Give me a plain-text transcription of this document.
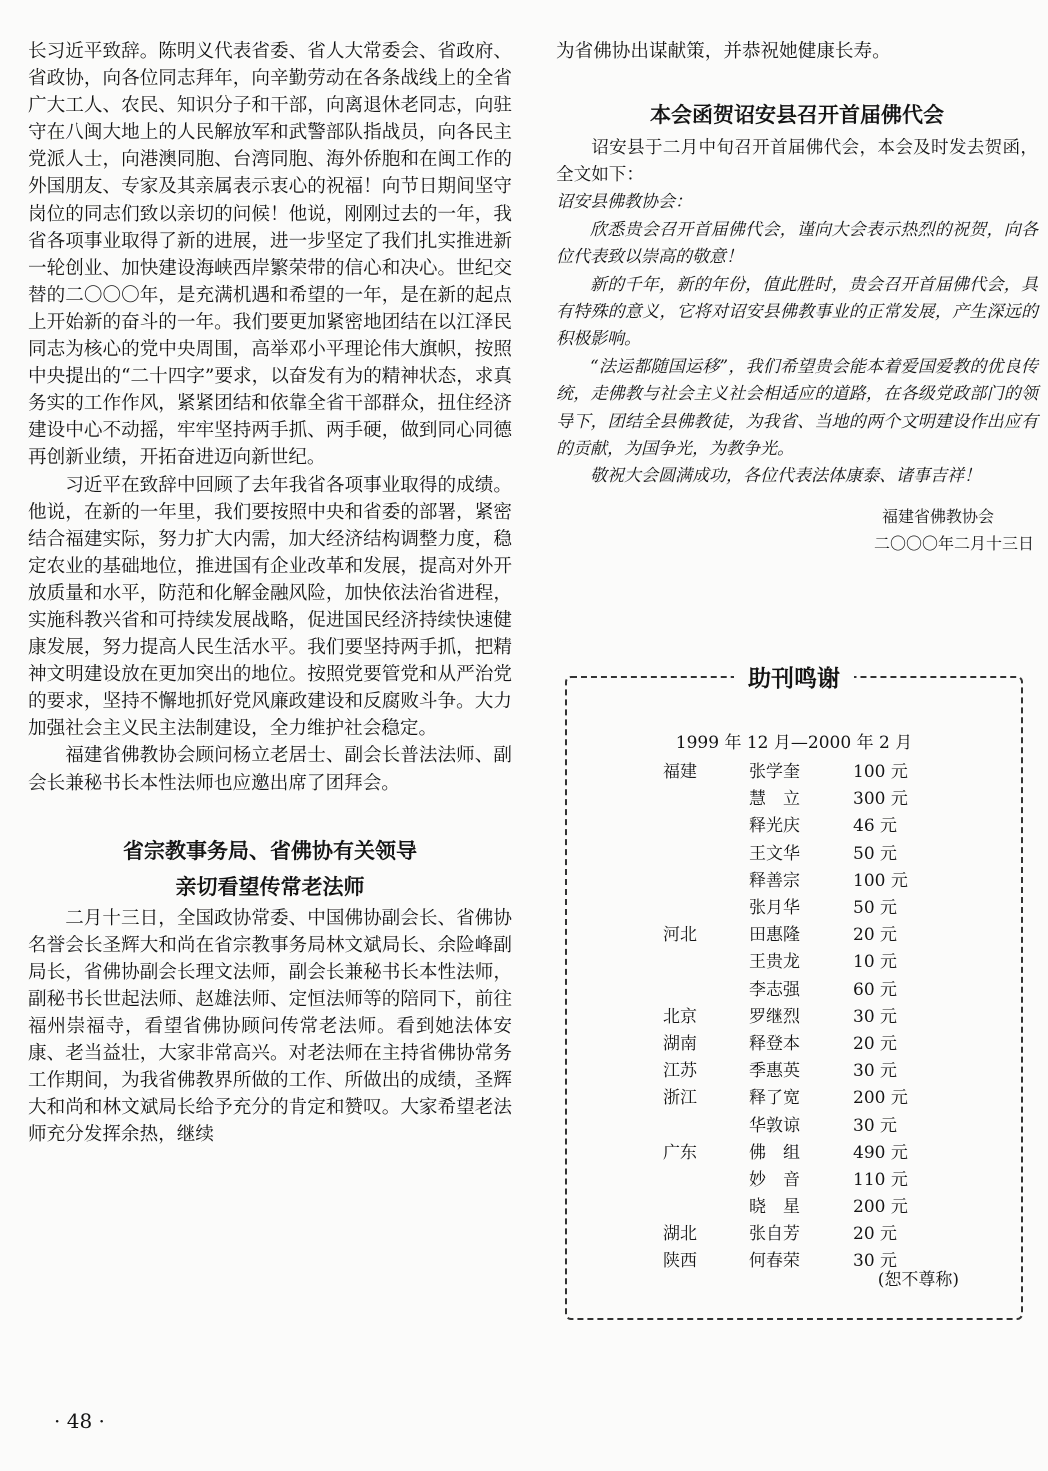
长习近平致辞。陈明义代表省委、省人大常委会、省政府、省政协，向各位同志拜年，向辛勤劳动在各条战线上的全省广大工人、农民、知识分子和干部，向离退休老同志，向驻守在八闽大地上的人民解放军和武警部队指战员，向各民主党派人士，向港澳同胞、台湾同胞、海外侨胞和在闽工作的外国朋友、专家及其亲属表示衷心的祝福！向节日期间坚守岗位的同志们致以亲切的问候！他说，刚刚过去的一年，我省各项事业取得了新的进展，进一步坚定了我们扎实推进新一轮创业、加快建设海峡西岸繁荣带的信心和决心。世纪交替的二〇〇〇年，是充满机遇和希望的一年，是在新的起点上开始新的奋斗的一年。我们要更加紧密地团结在以江泽民同志为核心的党中央周围，高举邓小平理论伟大旗帜，按照中央提出的“二十四字”要求，以奋发有为的精神状态，求真务实的工作作风，紧紧团结和依靠全省干部群众，扭住经济建设中心不动摇，牢牢坚持两手抓、两手硬，做到同心同德再创新业绩，开拓奋进迈向新世纪。

习近平在致辞中回顾了去年我省各项事业取得的成绩。他说，在新的一年里，我们要按照中央和省委的部署，紧密结合福建实际，努力扩大内需，加大经济结构调整力度，稳定农业的基础地位，推进国有企业改革和发展，提高对外开放质量和水平，防范和化解金融风险，加快依法治省进程，实施科教兴省和可持续发展战略，促进国民经济持续快速健康发展，努力提高人民生活水平。我们要坚持两手抓，把精神文明建设放在更加突出的地位。按照党要管党和从严治党的要求，坚持不懈地抓好党风廉政建设和反腐败斗争。大力加强社会主义民主法制建设，全力维护社会稳定。

福建省佛教协会顾问杨立老居士、副会长普法法师、副会长兼秘书长本性法师也应邀出席了团拜会。

省宗教事务局、省佛协有关领导

亲切看望传常老法师

二月十三日，全国政协常委、中国佛协副会长、省佛协名誉会长圣辉大和尚在省宗教事务局林文斌局长、余险峰副局长，省佛协副会长理文法师，副会长兼秘书长本性法师，副秘书长世起法师、赵雄法师、定恒法师等的陪同下，前往福州崇福寺，看望省佛协顾问传常老法师。看到她法体安康、老当益壮，大家非常高兴。对老法师在主持省佛协常务工作期间，为我省佛教界所做的工作、所做出的成绩，圣辉大和尚和林文斌局长给予充分的肯定和赞叹。大家希望老法师充分发挥余热，继续

为省佛协出谋献策，并恭祝她健康长寿。

本会函贺诏安县召开首届佛代会

诏安县于二月中旬召开首届佛代会，本会及时发去贺函，全文如下：

诏安县佛教协会：

欣悉贵会召开首届佛代会，谨向大会表示热烈的祝贺，向各位代表致以崇高的敬意！

新的千年，新的年份，值此胜时，贵会召开首届佛代会，具有特殊的意义，它将对诏安县佛教事业的正常发展，产生深远的积极影响。

“法运都随国运移”，我们希望贵会能本着爱国爱教的优良传统，走佛教与社会主义社会相适应的道路，在各级党政部门的领导下，团结全县佛教徒，为我省、当地的两个文明建设作出应有的贡献，为国争光，为教争光。

敬祝大会圆满成功，各位代表法体康泰、诸事吉祥！

福建省佛教协会

二〇〇〇年二月十三日

助刊鸣谢
1999 年 12 月—2000 年 2 月
福建	张学奎	100 元
	慧　立	300 元
	释光庆	46 元
	王文华	50 元
	释善宗	100 元
	张月华	50 元
河北	田惠隆	20 元
	王贵龙	10 元
	李志强	60 元
北京	罗继烈	30 元
湖南	释登本	20 元
江苏	季惠英	30 元
浙江	释了宽	200 元
	华敦谅	30 元
广东	佛　组	490 元
	妙　音	110 元
	晓　星	200 元
湖北	张自芳	20 元
陕西	何春荣	30 元
(恕不尊称)
· 48 ·
